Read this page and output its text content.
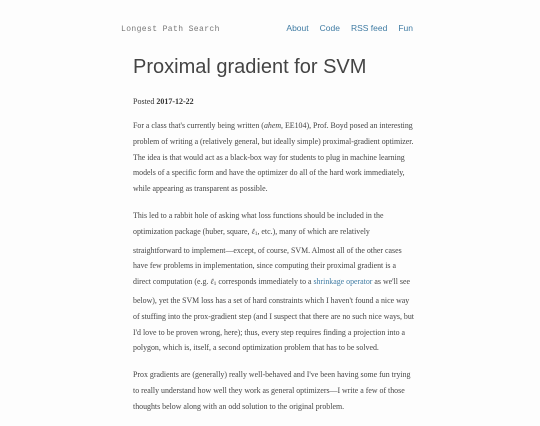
Longest Path Search	About Code RSS feed Fun
Proximal gradient for SVM
Posted 2017-12-22

For a class that's currently being written (ahem, EE104), Prof. Boyd posed an interesting problem of writing a (relatively general, but ideally simple) proximal-gradient optimizer. The idea is that would act as a black-box way for students to plug in machine learning models of a specific form and have the optimizer do all of the hard work immediately, while appearing as transparent as possible.

This led to a rabbit hole of asking what loss functions should be included in the optimization package (huber, square, ℓ$_1$, etc.), many of which are relatively straightforward to implement—except, of course, SVM. Almost all of the other cases have few problems in implementation, since computing their proximal gradient is a direct computation (e.g. ℓ$_1$ corresponds immediately to a shrinkage operator as we'll see below), yet the SVM loss has a set of hard constraints which I haven't found a nice way of stuffing into the prox-gradient step (and I suspect that there are no such nice ways, but I'd love to be proven wrong, here); thus, every step requires finding a projection into a polygon, which is, itself, a second optimization problem that has to be solved.

Prox gradients are (generally) really well-behaved and I've been having some fun trying to really understand how well they work as general optimizers—I write a few of those thoughts below along with an odd solution to the original problem.
